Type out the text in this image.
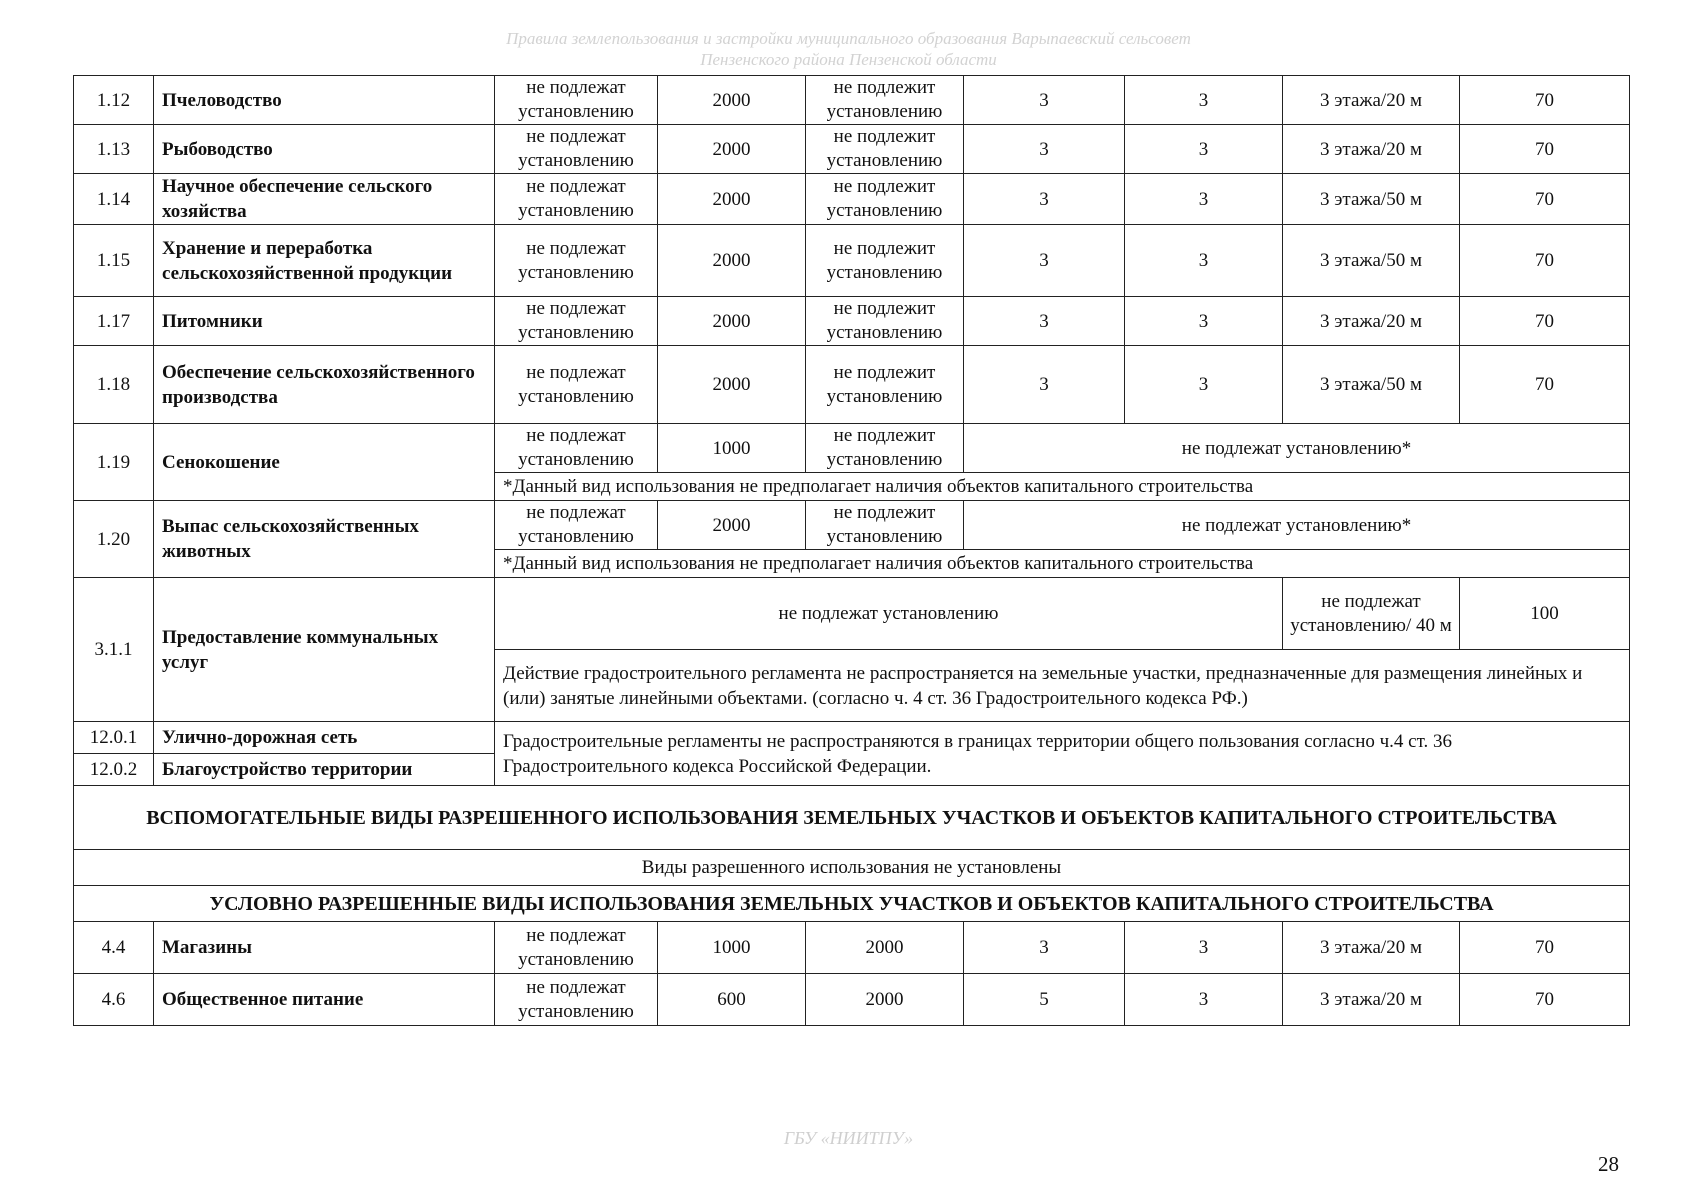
Правила землепользования и застройки муниципального образования Варыпаевский сельсовет
Пензенского района Пензенской области
1.12	Пчеловодство	не подлежат установлению	2000	не подлежит установлению	3	3	3 этажа/20 м	70
1.13	Рыбоводство	не подлежат установлению	2000	не подлежит установлению	3	3	3 этажа/20 м	70
1.14	Научное обеспечение сельского хозяйства	не подлежат установлению	2000	не подлежит установлению	3	3	3 этажа/50 м	70
1.15	Хранение и переработка сельскохозяйственной продукции	не подлежат установлению	2000	не подлежит установлению	3	3	3 этажа/50 м	70
1.17	Питомники	не подлежат установлению	2000	не подлежит установлению	3	3	3 этажа/20 м	70
1.18	Обеспечение сельскохозяйственного производства	не подлежат установлению	2000	не подлежит установлению	3	3	3 этажа/50 м	70
1.19	Сенокошение	не подлежат установлению	1000	не подлежит установлению	не подлежат установлению*			
		*Данный вид использования не предполагает наличия объектов капитального строительства						
1.20	Выпас сельскохозяйственных животных	не подлежат установлению	2000	не подлежит установлению	не подлежат установлению*			
		*Данный вид использования не предполагает наличия объектов капитального строительства						
3.1.1	Предоставление коммунальных услуг	не подлежат установлению					не подлежат установлению/ 40 м	100
		Действие градостроительного регламента не распространяется на земельные участки, предназначенные для размещения линейных и (или) занятые линейными объектами. (согласно ч. 4 ст. 36 Градостроительного кодекса РФ.)						
12.0.1	Улично-дорожная сеть	Градостроительные регламенты не распространяются в границах территории общего пользования согласно ч.4 ст. 36 Градостроительного кодекса Российской Федерации.						
12.0.2	Благоустройство территории							
ВСПОМОГАТЕЛЬНЫЕ ВИДЫ РАЗРЕШЕННОГО ИСПОЛЬЗОВАНИЯ ЗЕМЕЛЬНЫХ УЧАСТКОВ И ОБЪЕКТОВ КАПИТАЛЬНОГО СТРОИТЕЛЬСТВА								
Виды разрешенного использования не установлены								
УСЛОВНО РАЗРЕШЕННЫЕ ВИДЫ ИСПОЛЬЗОВАНИЯ ЗЕМЕЛЬНЫХ УЧАСТКОВ И ОБЪЕКТОВ КАПИТАЛЬНОГО СТРОИТЕЛЬСТВА								
4.4	Магазины	не подлежат установлению	1000	2000	3	3	3 этажа/20 м	70
4.6	Общественное питание	не подлежат установлению	600	2000	5	3	3 этажа/20 м	70
ГБУ «НИИТПУ»
28
